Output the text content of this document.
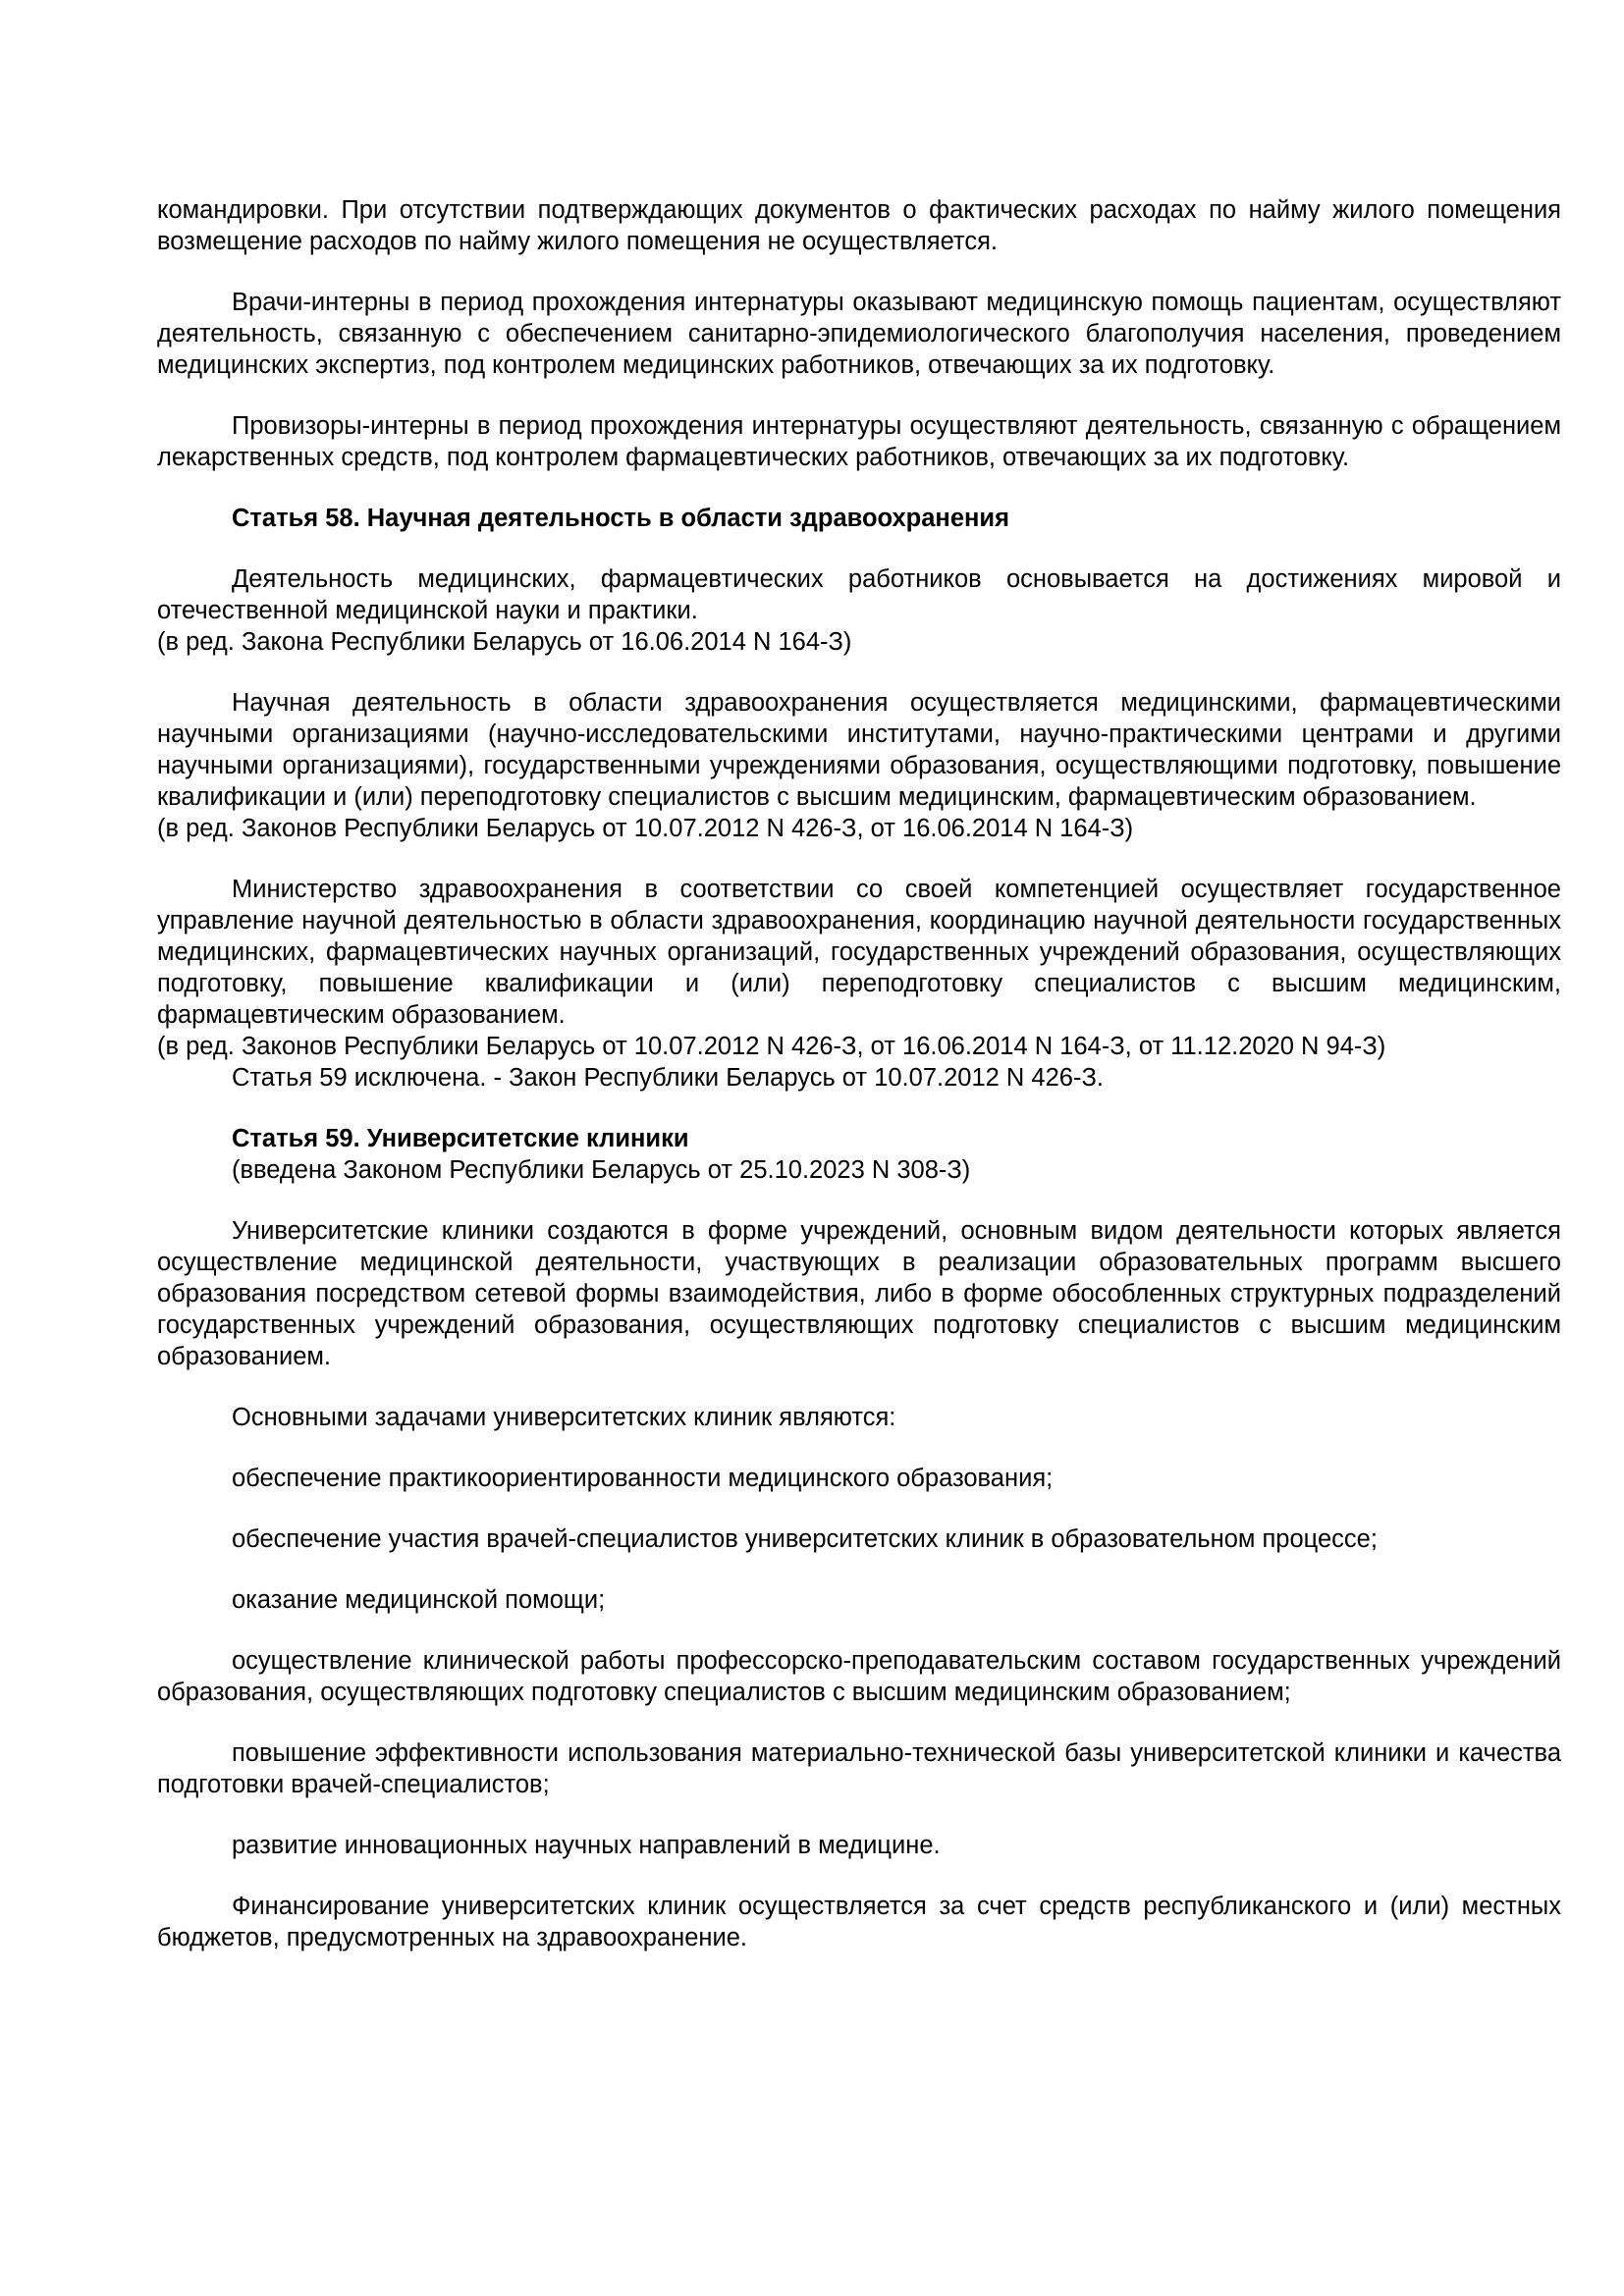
командировки. При отсутствии подтверждающих документов о фактических расходах по найму жилого помещения возмещение расходов по найму жилого помещения не осуществляется.

Врачи-интерны в период прохождения интернатуры оказывают медицинскую помощь пациентам, осуществляют деятельность, связанную с обеспечением санитарно-эпидемиологического благополучия населения, проведением медицинских экспертиз, под контролем медицинских работников, отвечающих за их подготовку.

Провизоры-интерны в период прохождения интернатуры осуществляют деятельность, связанную с обращением лекарственных средств, под контролем фармацевтических работников, отвечающих за их подготовку.

Статья 58. Научная деятельность в области здравоохранения

Деятельность медицинских, фармацевтических работников основывается на достижениях мировой и отечественной медицинской науки и практики.

(в ред. Закона Республики Беларусь от 16.06.2014 N 164-З)

Научная деятельность в области здравоохранения осуществляется медицинскими, фармацевтическими научными организациями (научно-исследовательскими институтами, научно-практическими центрами и другими научными организациями), государственными учреждениями образования, осуществляющими подготовку, повышение квалификации и (или) переподготовку специалистов с высшим медицинским, фармацевтическим образованием.

(в ред. Законов Республики Беларусь от 10.07.2012 N 426-З, от 16.06.2014 N 164-З)

Министерство здравоохранения в соответствии со своей компетенцией осуществляет государственное управление научной деятельностью в области здравоохранения, координацию научной деятельности государственных медицинских, фармацевтических научных организаций, государственных учреждений образования, осуществляющих подготовку, повышение квалификации и (или) переподготовку специалистов с высшим медицинским, фармацевтическим образованием.

(в ред. Законов Республики Беларусь от 10.07.2012 N 426-З, от 16.06.2014 N 164-З, от 11.12.2020 N 94-З)

Статья 59 исключена. - Закон Республики Беларусь от 10.07.2012 N 426-З.

Статья 59. Университетские клиники

(введена Законом Республики Беларусь от 25.10.2023 N 308-З)

Университетские клиники создаются в форме учреждений, основным видом деятельности которых является осуществление медицинской деятельности, участвующих в реализации образовательных программ высшего образования посредством сетевой формы взаимодействия, либо в форме обособленных структурных подразделений государственных учреждений образования, осуществляющих подготовку специалистов с высшим медицинским образованием.

Основными задачами университетских клиник являются:

обеспечение практикоориентированности медицинского образования;

обеспечение участия врачей-специалистов университетских клиник в образовательном процессе;

оказание медицинской помощи;

осуществление клинической работы профессорско-преподавательским составом государственных учреждений образования, осуществляющих подготовку специалистов с высшим медицинским образованием;

повышение эффективности использования материально-технической базы университетской клиники и качества подготовки врачей-специалистов;

развитие инновационных научных направлений в медицине.

Финансирование университетских клиник осуществляется за счет средств республиканского и (или) местных бюджетов, предусмотренных на здравоохранение.
